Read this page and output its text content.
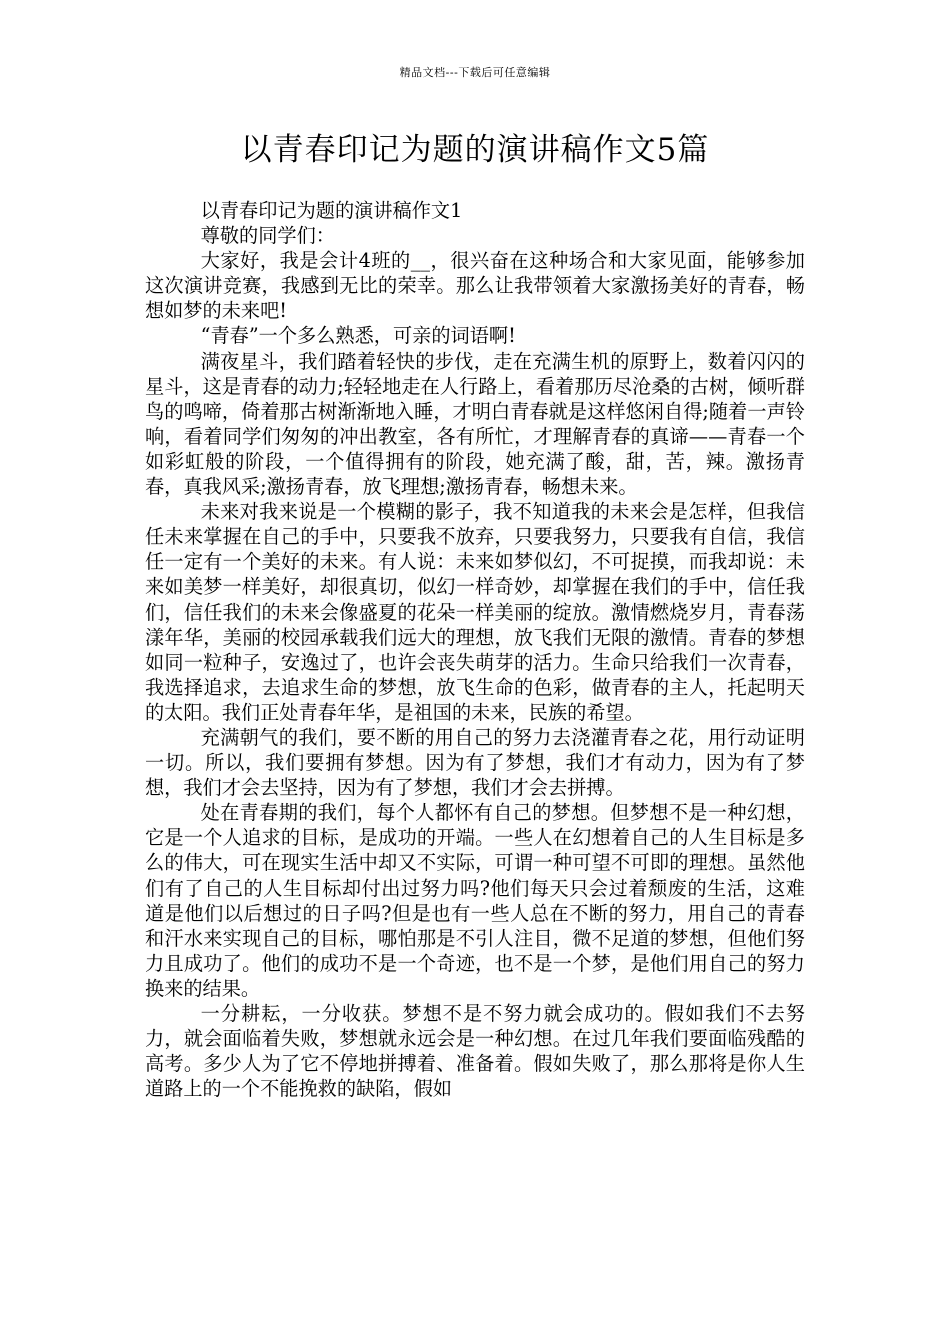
精品文档---下载后可任意编辑
以青春印记为题的演讲稿作文5篇

以青春印记为题的演讲稿作文1

尊敬的同学们：

大家好，我是会计4班的__，很兴奋在这种场合和大家见面，能够参加这次演讲竞赛，我感到无比的荣幸。那么让我带领着大家激扬美好的青春，畅想如梦的未来吧!

“青春”一个多么熟悉，可亲的词语啊!

满夜星斗，我们踏着轻快的步伐，走在充满生机的原野上，数着闪闪的星斗，这是青春的动力;轻轻地走在人行路上，看着那历尽沧桑的古树，倾听群鸟的鸣啼，倚着那古树渐渐地入睡，才明白青春就是这样悠闲自得;随着一声铃响，看着同学们匆匆的冲出教室，各有所忙，才理解青春的真谛——青春一个如彩虹般的阶段，一个值得拥有的阶段，她充满了酸，甜，苦，辣。激扬青春，真我风采;激扬青春，放飞理想;激扬青春，畅想未来。

未来对我来说是一个模糊的影子，我不知道我的未来会是怎样，但我信任未来掌握在自己的手中，只要我不放弃，只要我努力，只要我有自信，我信任一定有一个美好的未来。有人说：未来如梦似幻，不可捉摸，而我却说：未来如美梦一样美好，却很真切，似幻一样奇妙，却掌握在我们的手中，信任我们，信任我们的未来会像盛夏的花朵一样美丽的绽放。激情燃烧岁月，青春荡漾年华，美丽的校园承载我们远大的理想，放飞我们无限的激情。青春的梦想如同一粒种子，安逸过了，也许会丧失萌芽的活力。生命只给我们一次青春，我选择追求，去追求生命的梦想，放飞生命的色彩，做青春的主人，托起明天的太阳。我们正处青春年华，是祖国的未来，民族的希望。

充满朝气的我们，要不断的用自己的努力去浇灌青春之花，用行动证明一切。所以，我们要拥有梦想。因为有了梦想，我们才有动力，因为有了梦想，我们才会去坚持，因为有了梦想，我们才会去拼搏。

处在青春期的我们，每个人都怀有自己的梦想。但梦想不是一种幻想，它是一个人追求的目标，是成功的开端。一些人在幻想着自己的人生目标是多么的伟大，可在现实生活中却又不实际，可谓一种可望不可即的理想。虽然他们有了自己的人生目标却付出过努力吗?他们每天只会过着颓废的生活，这难道是他们以后想过的日子吗?但是也有一些人总在不断的努力，用自己的青春和汗水来实现自己的目标，哪怕那是不引人注目，微不足道的梦想，但他们努力且成功了。他们的成功不是一个奇迹，也不是一个梦，是他们用自己的努力换来的结果。

一分耕耘，一分收获。梦想不是不努力就会成功的。假如我们不去努力，就会面临着失败，梦想就永远会是一种幻想。在过几年我们要面临残酷的高考。多少人为了它不停地拼搏着、准备着。假如失败了，那么那将是你人生道路上的一个不能挽救的缺陷，假如
